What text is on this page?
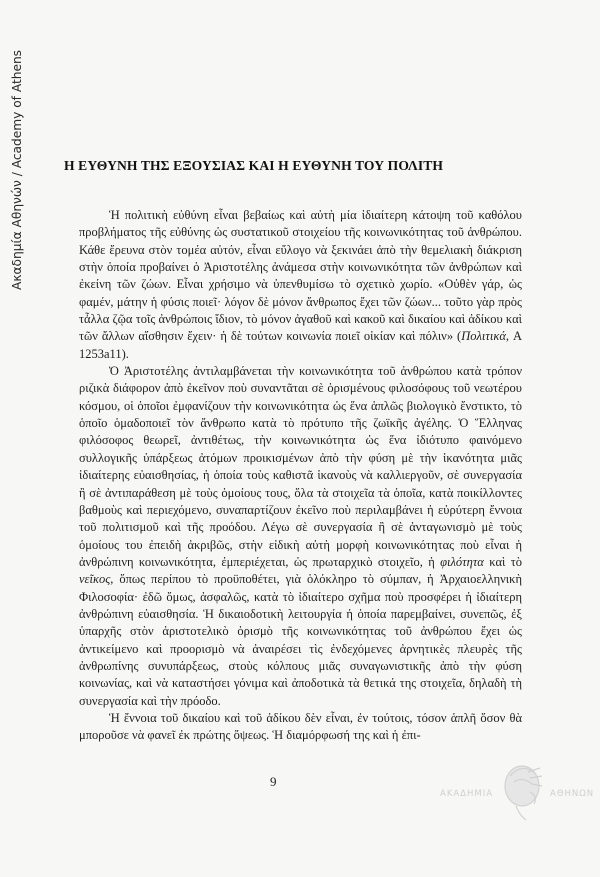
Ακαδημία Αθηνών / Academy of Athens	Η ΕΥΘΥΝΗ ΤΗΣ ΕΞΟΥΣΙΑΣ ΚΑΙ Η ΕΥΘΥΝΗ ΤΟΥ ΠΟΛΙΤΗ

Ἡ πολιτικὴ εὐθύνη εἶναι βεβαίως καὶ αὐτὴ μία ἰδιαίτερη κάτοψη τοῦ καθόλου προβλήματος τῆς εὐθύνης ὡς συστατικοῦ στοιχείου τῆς κοινωνικότητας τοῦ ἀνθρώπου. Κάθε ἔρευνα στὸν τομέα αὐτόν, εἶναι εὔλογο νὰ ξεκινάει ἀπὸ τὴν θεμελιακὴ διάκριση στὴν ὁποία προβαίνει ὁ Ἀριστοτέλης ἀνάμεσα στὴν κοινωνικότητα τῶν ἀνθρώπων καὶ ἐκείνη τῶν ζώων. Εἶναι χρήσιμο νὰ ὑπενθυμίσω τὸ σχετικὸ χωρίο. «Οὐθὲν γάρ, ὡς φαμέν, μάτην ἡ φύσις ποιεῖ· λόγον δὲ μόνον ἄνθρωπος ἔχει τῶν ζώων... τοῦτο γὰρ πρὸς τἆλλα ζῷα τοῖς ἀνθρώποις ἴδιον, τὸ μόνον ἀγαθοῦ καὶ κακοῦ καὶ δικαίου καὶ ἀδίκου καὶ τῶν ἄλλων αἴσθησιν ἔχειν· ἡ δὲ τούτων κοινωνία ποιεῖ οἰκίαν καὶ πόλιν» (Πολιτικά, A 1253a11).

Ὁ Ἀριστοτέλης ἀντιλαμβάνεται τὴν κοινωνικότητα τοῦ ἀνθρώπου κατὰ τρόπον ριζικὰ διάφορον ἀπὸ ἐκεῖνον ποὺ συναντᾶται σὲ ὁρισμένους φιλοσόφους τοῦ νεωτέρου κόσμου, οἱ ὁποῖοι ἐμφανίζουν τὴν κοινωνικότητα ὡς ἕνα ἁπλῶς βιολογικὸ ἔνστικτο, τὸ ὁποῖο ὁμαδοποιεῖ τὸν ἄνθρωπο κατὰ τὸ πρότυπο τῆς ζωϊκῆς ἀγέλης. Ὁ Ἕλληνας φιλόσοφος θεωρεῖ, ἀντιθέτως, τὴν κοινωνικότητα ὡς ἕνα ἰδιότυπο φαινόμενο συλλογικῆς ὑπάρξεως ἀτόμων προικισμένων ἀπὸ τὴν φύση μὲ τὴν ἱκανότητα μιᾶς ἰδιαίτερης εὐαισθησίας, ἡ ὁποία τοὺς καθιστᾶ ἱκανοὺς νὰ καλλιεργοῦν, σὲ συνεργασία ἢ σὲ ἀντιπαράθεση μὲ τοὺς ὁμοίους τους, ὅλα τὰ στοιχεῖα τὰ ὁποῖα, κατὰ ποικίλλοντες βαθμοὺς καὶ περιεχόμενο, συναπαρτίζουν ἐκεῖνο ποὺ περιλαμβάνει ἡ εὐρύτερη ἔννοια τοῦ πολιτισμοῦ καὶ τῆς προόδου. Λέγω σὲ συνεργασία ἢ σὲ ἀνταγωνισμὸ μὲ τοὺς ὁμοίους του ἐπειδὴ ἀκριβῶς, στὴν εἰδικὴ αὐτὴ μορφὴ κοινωνικότητας ποὺ εἶναι ἡ ἀνθρώπινη κοινωνικότητα, ἐμπεριέχεται, ὡς πρωταρχικὸ στοιχεῖο, ἡ φιλότητα καὶ τὸ νεῖκος, ὅπως περίπου τὸ προϋποθέτει, γιὰ ὁλόκληρο τὸ σύμπαν, ἡ Ἀρχαιοελληνικὴ Φιλοσοφία· ἐδῶ ὅμως, ἀσφαλῶς, κατὰ τὸ ἰδιαίτερο σχῆμα ποὺ προσφέρει ἡ ἰδιαίτερη ἀνθρώπινη εὐαισθησία. Ἡ δικαιοδοτικὴ λειτουργία ἡ ὁποία παρεμβαίνει, συνεπῶς, ἐξ ὑπαρχῆς στὸν ἀριστοτελικὸ ὁρισμὸ τῆς κοινωνικότητας τοῦ ἀνθρώπου ἔχει ὡς ἀντικείμενο καὶ προορισμὸ νὰ ἀναιρέσει τὶς ἐνδεχόμενες ἀρνητικὲς πλευρὲς τῆς ἀνθρωπίνης συνυπάρξεως, στοὺς κόλπους μιᾶς συναγωνιστικῆς ἀπὸ τὴν φύση κοινωνίας, καὶ νὰ καταστήσει γόνιμα καὶ ἀποδοτικὰ τὰ θετικά της στοιχεῖα, δηλαδὴ τὴ συνεργασία καὶ τὴν πρόοδο.

Ἡ ἔννοια τοῦ δικαίου καὶ τοῦ ἀδίκου δὲν εἶναι, ἐν τούτοις, τόσον ἁπλῆ ὅσον θὰ μποροῦσε νὰ φανεῖ ἐκ πρώτης ὄψεως. Ἡ διαμόρφωσή της καὶ ἡ ἐπι-

9
ΑΚΑΔΗΜΙΑ	ΑΘΗΝΩΝ
